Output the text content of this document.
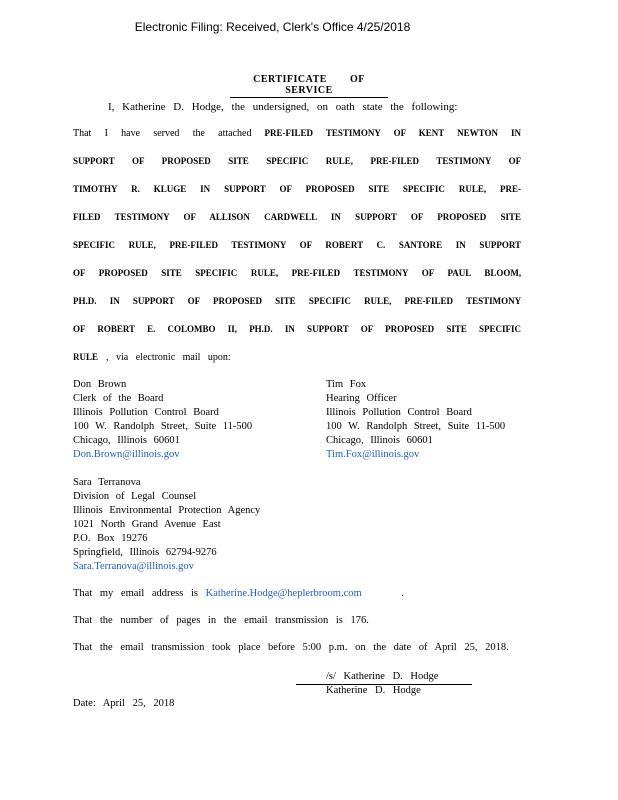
Electronic Filing: Received, Clerk's Office 4/25/2018
CERTIFICATE OF SERVICE
I, Katherine D. Hodge, the undersigned, on oath state the following:
That I have served the attached PRE-FILED TESTIMONY OF KENT NEWTON IN
SUPPORT OF PROPOSED SITE SPECIFIC RULE, PRE-FILED TESTIMONY OF
TIMOTHY R. KLUGE IN SUPPORT OF PROPOSED SITE SPECIFIC RULE, PRE-
FILED TESTIMONY OF ALLISON CARDWELL IN SUPPORT OF PROPOSED SITE
SPECIFIC RULE, PRE-FILED TESTIMONY OF ROBERT C. SANTORE IN SUPPORT
OF PROPOSED SITE SPECIFIC RULE, PRE-FILED TESTIMONY OF PAUL BLOOM,
PH.D. IN SUPPORT OF PROPOSED SITE SPECIFIC RULE, PRE-FILED TESTIMONY
OF ROBERT E. COLOMBO II, PH.D. IN SUPPORT OF PROPOSED SITE SPECIFIC
RULE , via electronic mail upon:
Don Brown
Clerk of the Board
Illinois Pollution Control Board
100 W. Randolph Street, Suite 11-500
Chicago, Illinois 60601
Don.Brown@illinois.gov
Tim Fox
Hearing Officer
Illinois Pollution Control Board
100 W. Randolph Street, Suite 11-500
Chicago, Illinois 60601
Tim.Fox@illinois.gov
Sara Terranova
Division of Legal Counsel
Illinois Environmental Protection Agency
1021 North Grand Avenue East
P.O. Box 19276
Springfield, Illinois 62794-9276
Sara.Terranova@illinois.gov
That my email address is Katherine.Hodge@heplerbroom.com	.
That the number of pages in the email transmission is 176.
That the email transmission took place before 5:00 p.m. on the date of April 25, 2018.
/s/ Katherine D. Hodge
Katherine D. Hodge
Date: April 25, 2018
